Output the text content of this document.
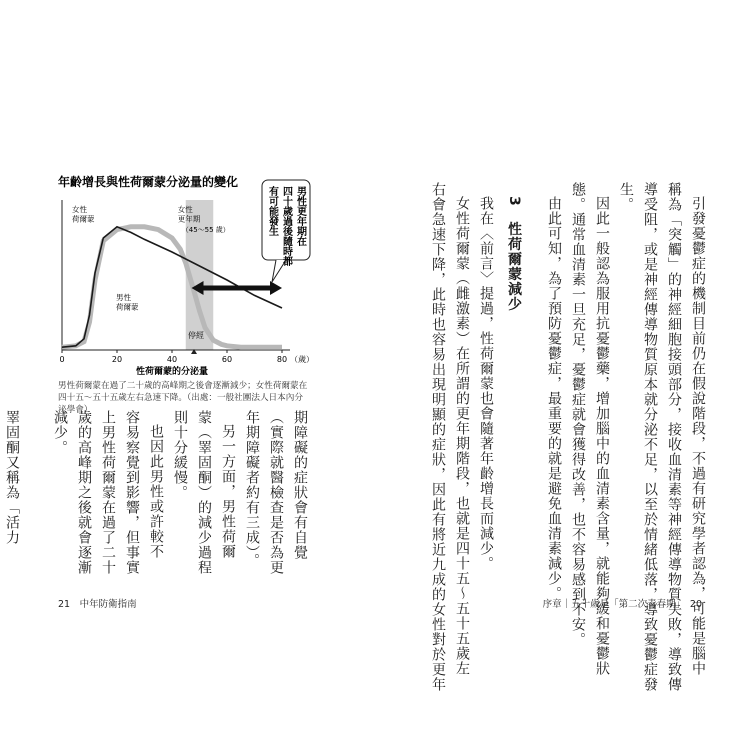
引發憂鬱症的機制目前仍在假說階段，不過有研究學者認為，可能是腦中
稱為「突觸」的神經細胞接頭部分，接收血清素等神經傳導物質失敗，導致傳
導受阻，或是神經傳導物質原本就分泌不足，以至於情緒低落，導致憂鬱症發
生。
因此一般認為服用抗憂鬱藥，增加腦中的血清素含量，就能夠緩和憂鬱狀
態。通常血清素一旦充足，憂鬱症就會獲得改善，也不容易感到不安。
由此可知，為了預防憂鬱症，最重要的就是避免血清素減少。
3　性荷爾蒙減少
我在〈前言〉提過，性荷爾蒙也會隨著年齡增長而減少。
女性荷爾蒙（雌激素）在所謂的更年期階段，也就是四十五〜五十五歲左
右會急速下降，此時也容易出現明顯的症狀，因此有將近九成的女性對於更年	序章｜五十歲是「第二次青春期」　20
年齡增長與性荷爾蒙分泌量的變化
0	20	40	60	80 （歲）
性荷爾蒙的分泌量
女性荷爾蒙
男性荷爾蒙
女性更年期
（45〜55 歲）
停經
男性更年期在
四十歲過後隨時都
有可能發生
男性荷爾蒙在過了二十歲的高峰期之後會逐漸減少；女性荷爾蒙在四十五〜五十五歲左右急速下降。（出處：一般社團法人日本內分泌學會）	期障礙的症狀會有自覺
（實際就醫檢查是否為更
年期障礙者約有三成）。
另一方面，男性荷爾
蒙（睪固酮）的減少過程
則十分緩慢。
也因此男性或許較不
容易察覺到影響，但事實
上男性荷爾蒙在過了二十
歲的高峰期之後就會逐漸
減少。
睪固酮又稱為「活力
21　中年防衛指南
